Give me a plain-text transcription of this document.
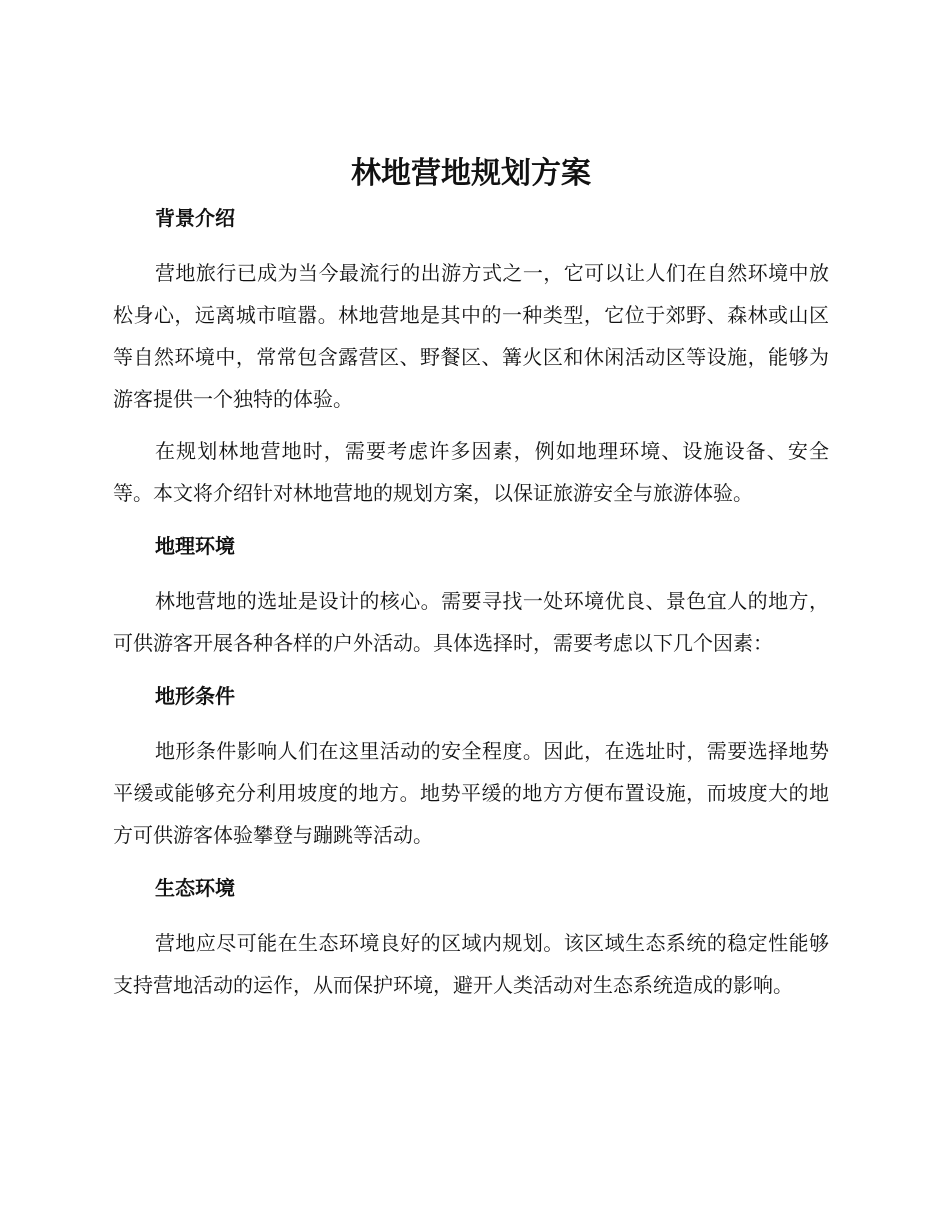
林地营地规划方案
背景介绍

营地旅行已成为当今最流行的出游方式之一，它可以让人们在自然环境中放松身心，远离城市喧嚣。林地营地是其中的一种类型，它位于郊野、森林或山区等自然环境中，常常包含露营区、野餐区、篝火区和休闲活动区等设施，能够为游客提供一个独特的体验。

在规划林地营地时，需要考虑许多因素，例如地理环境、设施设备、安全等。本文将介绍针对林地营地的规划方案，以保证旅游安全与旅游体验。

地理环境

林地营地的选址是设计的核心。需要寻找一处环境优良、景色宜人的地方，可供游客开展各种各样的户外活动。具体选择时，需要考虑以下几个因素：

地形条件

地形条件影响人们在这里活动的安全程度。因此，在选址时，需要选择地势平缓或能够充分利用坡度的地方。地势平缓的地方方便布置设施，而坡度大的地方可供游客体验攀登与蹦跳等活动。

生态环境

营地应尽可能在生态环境良好的区域内规划。该区域生态系统的稳定性能够支持营地活动的运作，从而保护环境，避开人类活动对生态系统造成的影响。
